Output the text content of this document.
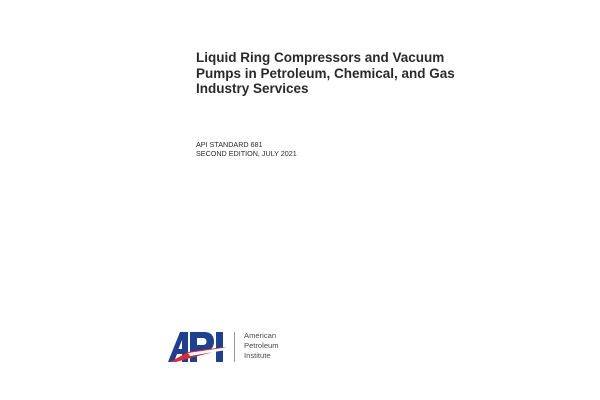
Liquid Ring Compressors and Vacuum
Pumps in Petroleum, Chemical, and Gas
Industry Services
API STANDARD 681
SECOND EDITION, JULY 2021
American
Petroleum
Institute
